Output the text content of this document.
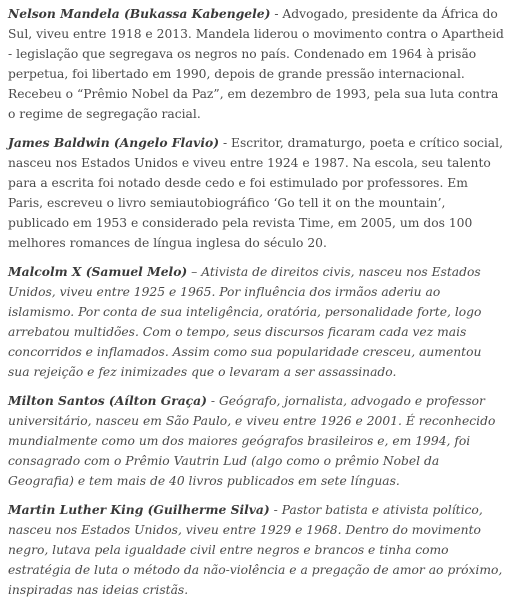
Nelson Mandela (Bukassa Kabengele) - Advogado, presidente da África do Sul, viveu entre 1918 e 2013. Mandela liderou o movimento contra o Apartheid - legislação que segregava os negros no país. Condenado em 1964 à prisão perpetua, foi libertado em 1990, depois de grande pressão internacional. Recebeu o “Prêmio Nobel da Paz”, em dezembro de 1993, pela sua luta contra o regime de segregação racial.

James Baldwin (Angelo Flavio) - Escritor, dramaturgo, poeta e crítico social, nasceu nos Estados Unidos e viveu entre 1924 e 1987. Na escola, seu talento para a escrita foi notado desde cedo e foi estimulado por professores. Em Paris, escreveu o livro semiautobiográfico ‘Go tell it on the mountain’, publicado em 1953 e considerado pela revista Time, em 2005, um dos 100 melhores romances de língua inglesa do século 20.

Malcolm X (Samuel Melo) – Ativista de direitos civis, nasceu nos Estados Unidos, viveu entre 1925 e 1965. Por influência dos irmãos aderiu ao islamismo. Por conta de sua inteligência, oratória, personalidade forte, logo arrebatou multidões. Com o tempo, seus discursos ficaram cada vez mais concorridos e inflamados. Assim como sua popularidade cresceu, aumentou sua rejeição e fez inimizades que o levaram a ser assassinado.

Milton Santos (Aílton Graça) - Geógrafo, jornalista, advogado e professor universitário, nasceu em São Paulo, e viveu entre 1926 e 2001. É reconhecido mundialmente como um dos maiores geógrafos brasileiros e, em 1994, foi consagrado com o Prêmio Vautrin Lud (algo como o prêmio Nobel da Geografia) e tem mais de 40 livros publicados em sete línguas.

Martin Luther King (Guilherme Silva) - Pastor batista e ativista político, nasceu nos Estados Unidos, viveu entre 1929 e 1968. Dentro do movimento negro, lutava pela igualdade civil entre negros e brancos e tinha como estratégia de luta o método da não-violência e a pregação de amor ao próximo, inspiradas nas ideias cristãs.
